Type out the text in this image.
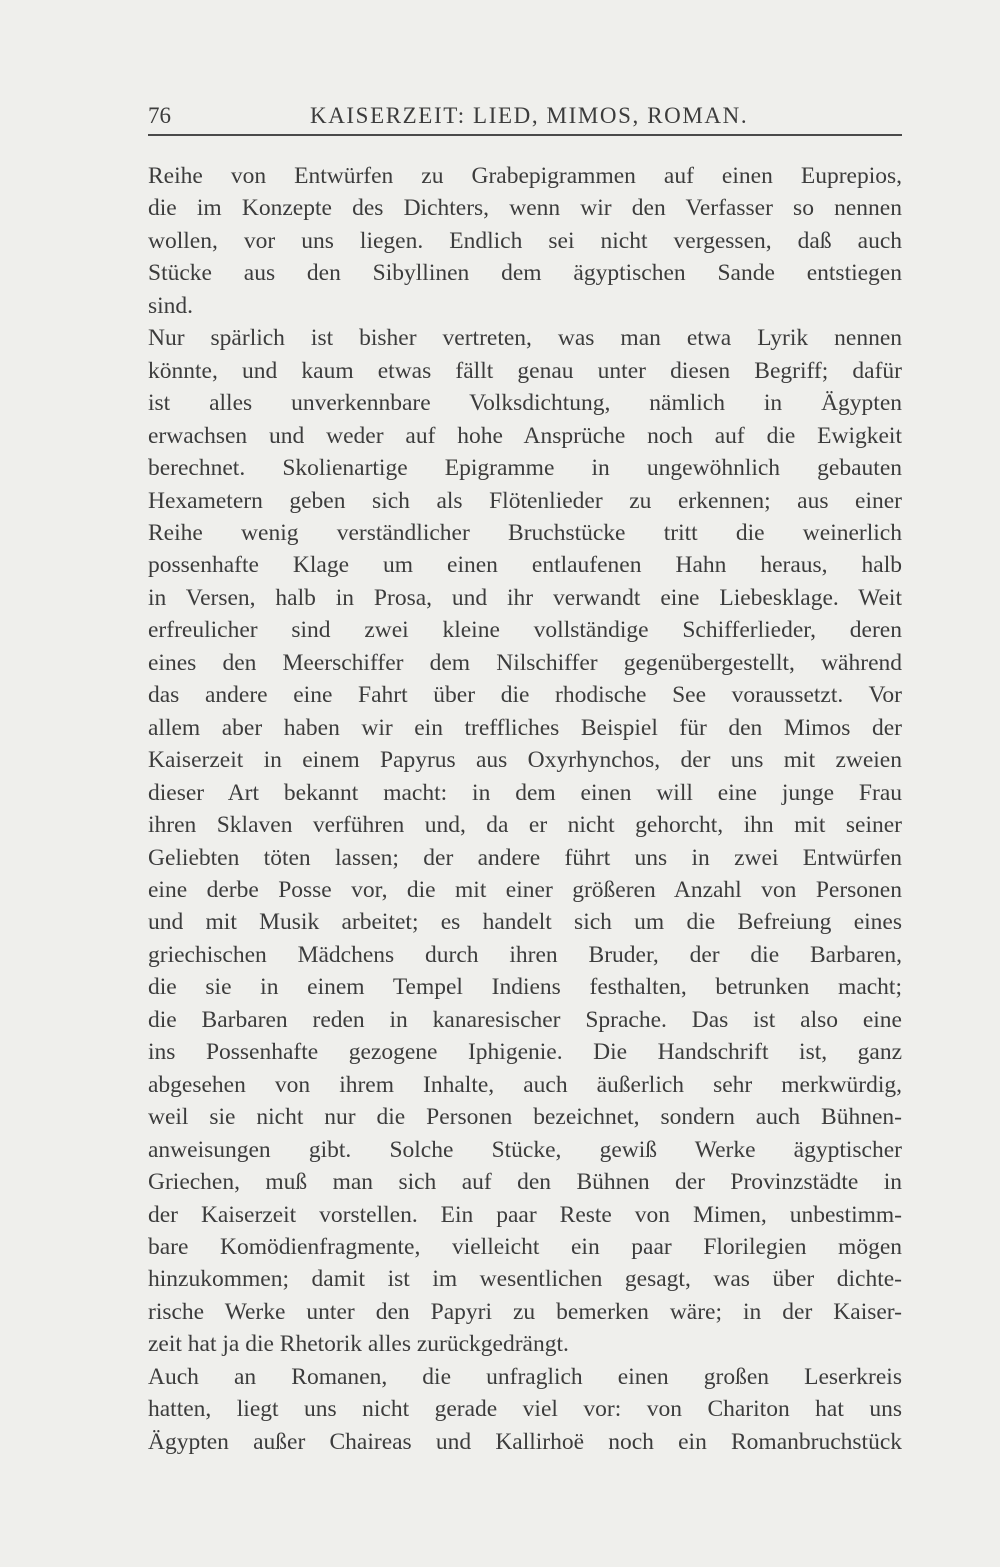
76	KAISERZEIT: LIED, MIMOS, ROMAN.
Reihe von Entwürfen zu Grabepigrammen auf einen Euprepios,
die im Konzepte des Dichters, wenn wir den Verfasser so nennen
wollen, vor uns liegen. Endlich sei nicht vergessen, daß auch
Stücke aus den Sibyllinen dem ägyptischen Sande entstiegen
sind.
Nur spärlich ist bisher vertreten, was man etwa Lyrik nennen
könnte, und kaum etwas fällt genau unter diesen Begriff; dafür
ist alles unverkennbare Volksdichtung, nämlich in Ägypten
erwachsen und weder auf hohe Ansprüche noch auf die Ewigkeit
berechnet. Skolienartige Epigramme in ungewöhnlich gebauten
Hexametern geben sich als Flötenlieder zu erkennen; aus einer
Reihe wenig verständlicher Bruchstücke tritt die weinerlich
possenhafte Klage um einen entlaufenen Hahn heraus, halb
in Versen, halb in Prosa, und ihr verwandt eine Liebesklage. Weit
erfreulicher sind zwei kleine vollständige Schifferlieder, deren
eines den Meerschiffer dem Nilschiffer gegenübergestellt, während
das andere eine Fahrt über die rhodische See voraussetzt. Vor
allem aber haben wir ein treffliches Beispiel für den Mimos der
Kaiserzeit in einem Papyrus aus Oxyrhynchos, der uns mit zweien
dieser Art bekannt macht: in dem einen will eine junge Frau
ihren Sklaven verführen und, da er nicht gehorcht, ihn mit seiner
Geliebten töten lassen; der andere führt uns in zwei Entwürfen
eine derbe Posse vor, die mit einer größeren Anzahl von Personen
und mit Musik arbeitet; es handelt sich um die Befreiung eines
griechischen Mädchens durch ihren Bruder, der die Barbaren,
die sie in einem Tempel Indiens festhalten, betrunken macht;
die Barbaren reden in kanaresischer Sprache. Das ist also eine
ins Possenhafte gezogene Iphigenie. Die Handschrift ist, ganz
abgesehen von ihrem Inhalte, auch äußerlich sehr merkwürdig,
weil sie nicht nur die Personen bezeichnet, sondern auch Bühnen-
anweisungen gibt. Solche Stücke, gewiß Werke ägyptischer
Griechen, muß man sich auf den Bühnen der Provinzstädte in
der Kaiserzeit vorstellen. Ein paar Reste von Mimen, unbestimm-
bare Komödienfragmente, vielleicht ein paar Florilegien mögen
hinzukommen; damit ist im wesentlichen gesagt, was über dichte-
rische Werke unter den Papyri zu bemerken wäre; in der Kaiser-
zeit hat ja die Rhetorik alles zurückgedrängt.
Auch an Romanen, die unfraglich einen großen Leserkreis
hatten, liegt uns nicht gerade viel vor: von Chariton hat uns
Ägypten außer Chaireas und Kallirhoë noch ein Romanbruchstück
